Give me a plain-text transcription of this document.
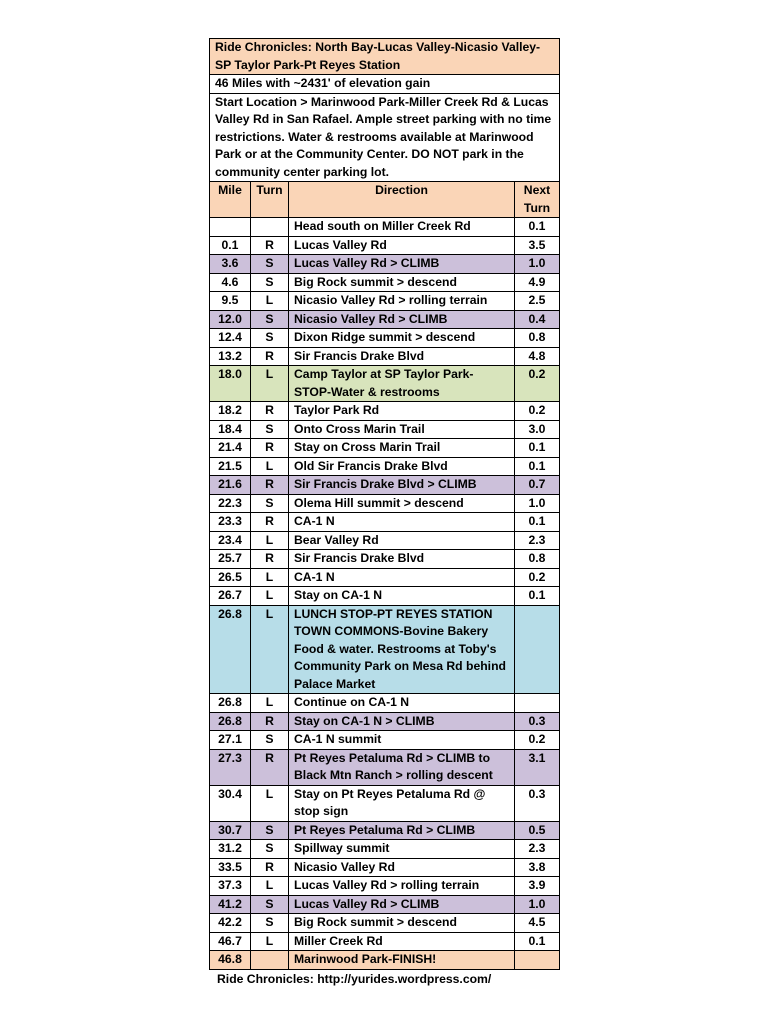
Ride Chronicles: North Bay-Lucas Valley-Nicasio Valley-SP Taylor Park-Pt Reyes Station			
46 Miles with ~2431' of elevation gain			
Start Location > Marinwood Park-Miller Creek Rd & Lucas Valley Rd in San Rafael. Ample street parking with no time restrictions. Water & restrooms available at Marinwood Park or at the Community Center. DO NOT park in the community center parking lot.			
Mile	Turn	Direction	Next Turn
		Head south on Miller Creek Rd	0.1
0.1	R	Lucas Valley Rd	3.5
3.6	S	Lucas Valley Rd > CLIMB	1.0
4.6	S	Big Rock summit > descend	4.9
9.5	L	Nicasio Valley Rd > rolling terrain	2.5
12.0	S	Nicasio Valley Rd > CLIMB	0.4
12.4	S	Dixon Ridge summit > descend	0.8
13.2	R	Sir Francis Drake Blvd	4.8
18.0	L	Camp Taylor at SP Taylor Park-STOP-Water & restrooms	0.2
18.2	R	Taylor Park Rd	0.2
18.4	S	Onto Cross Marin Trail	3.0
21.4	R	Stay on Cross Marin Trail	0.1
21.5	L	Old Sir Francis Drake Blvd	0.1
21.6	R	Sir Francis Drake Blvd > CLIMB	0.7
22.3	S	Olema Hill summit > descend	1.0
23.3	R	CA-1 N	0.1
23.4	L	Bear Valley Rd	2.3
25.7	R	Sir Francis Drake Blvd	0.8
26.5	L	CA-1 N	0.2
26.7	L	Stay on CA-1 N	0.1
26.8	L	LUNCH STOP-PT REYES STATION TOWN COMMONS-Bovine Bakery Food & water. Restrooms at Toby's Community Park on Mesa Rd behind Palace Market	
26.8	L	Continue on CA-1 N	
26.8	R	Stay on CA-1 N > CLIMB	0.3
27.1	S	CA-1 N summit	0.2
27.3	R	Pt Reyes Petaluma Rd > CLIMB to Black Mtn Ranch > rolling descent	3.1
30.4	L	Stay on Pt Reyes Petaluma Rd @ stop sign	0.3
30.7	S	Pt Reyes Petaluma Rd > CLIMB	0.5
31.2	S	Spillway summit	2.3
33.5	R	Nicasio Valley Rd	3.8
37.3	L	Lucas Valley Rd > rolling terrain	3.9
41.2	S	Lucas Valley Rd > CLIMB	1.0
42.2	S	Big Rock summit > descend	4.5
46.7	L	Miller Creek Rd	0.1
46.8		Marinwood Park-FINISH!	
Ride Chronicles: http://yurides.wordpress.com/
